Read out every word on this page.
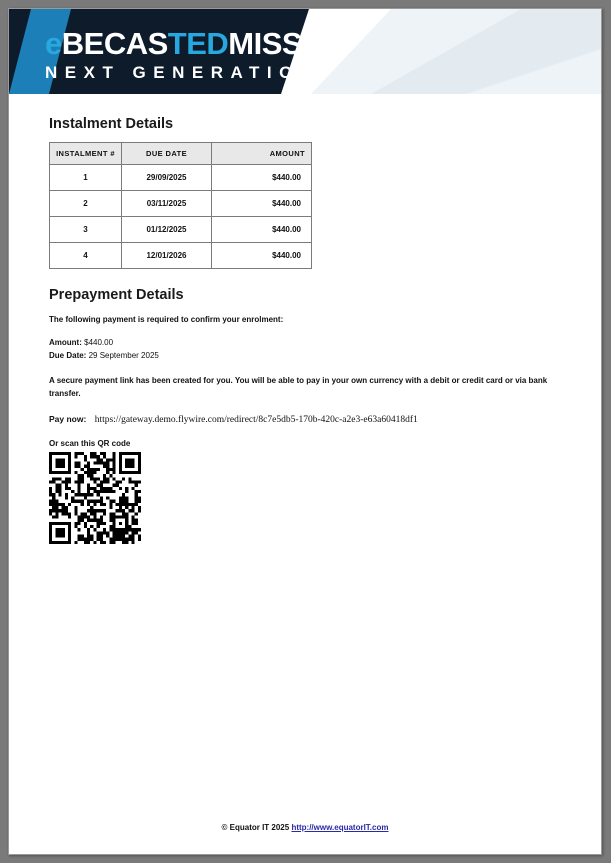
eBECASTEDMISS
NEXT GENERATION
Instalment Details
INSTALMENT #	DUE DATE	AMOUNT
1	29/09/2025	$440.00
2	03/11/2025	$440.00
3	01/12/2025	$440.00
4	12/01/2026	$440.00
Prepayment Details

The following payment is required to confirm your enrolment:

Amount: $440.00
Due Date: 29 September 2025

A secure payment link has been created for you. You will be able to pay in your own currency with a debit or credit card or via bank transfer.

Pay now: https://gateway.demo.flywire.com/redirect/8c7e5db5-170b-420c-a2e3-e63a60418df1
Or scan this QR code
© Equator IT 2025 http://www.equatorIT.com
